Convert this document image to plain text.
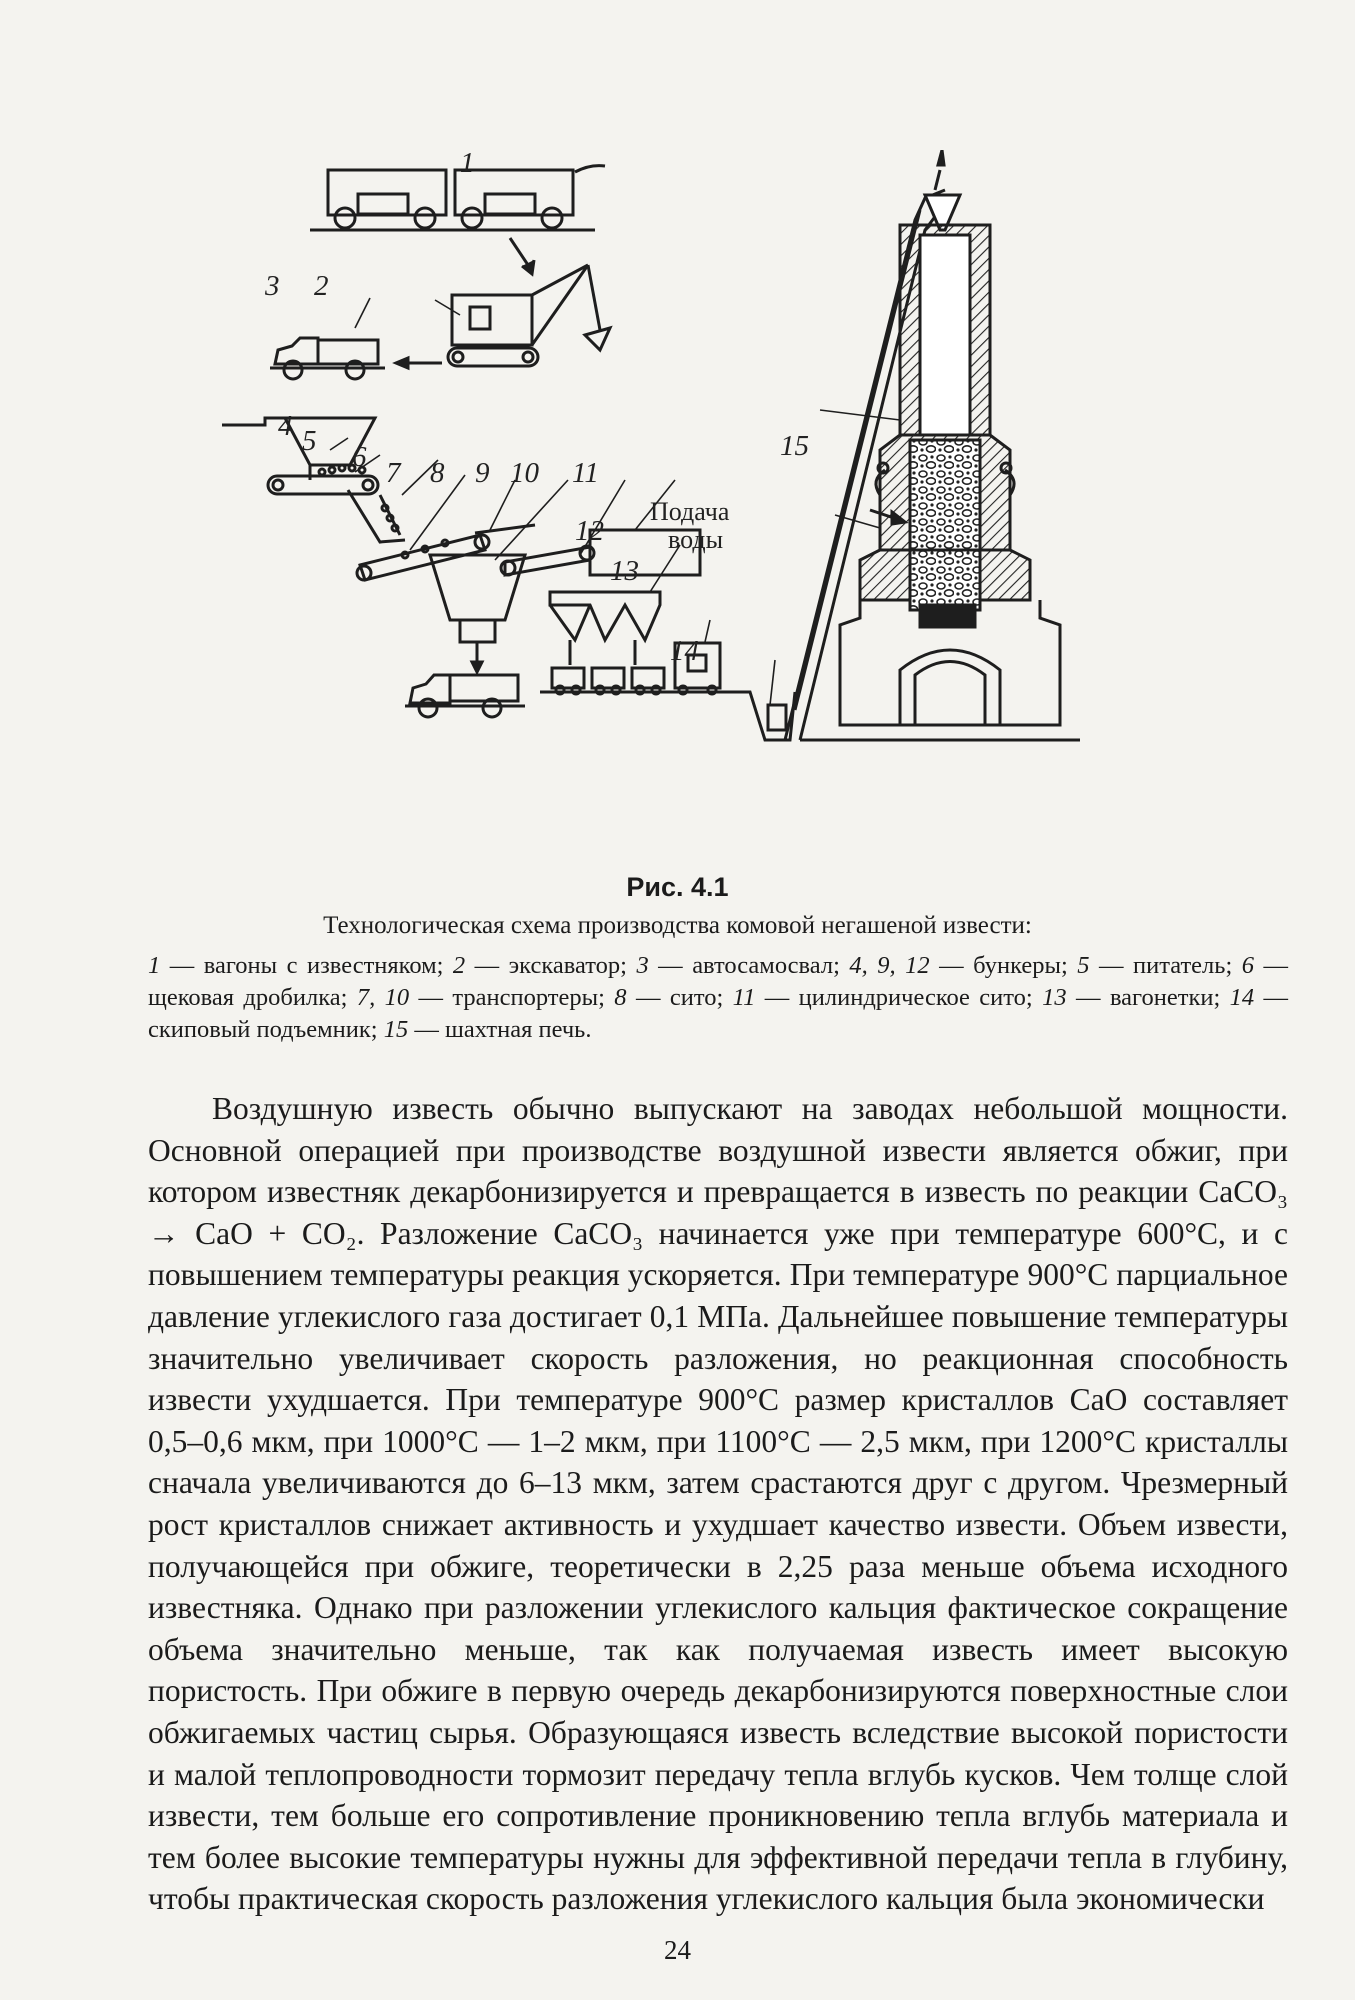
1
2
3
4 5 6 7 8 9 10 11
12
13
14
15
Подача
воды
Рис. 4.1
Технологическая схема производства комовой негашеной извести:
1 — вагоны с известняком; 2 — экскаватор; 3 — автосамосвал; 4, 9, 12 — бункеры; 5 — питатель; 6 — щековая дробилка; 7, 10 — транспортеры; 8 — сито; 11 — цилиндрическое сито; 13 — вагонетки; 14 — скиповый подъемник; 15 — шахтная печь.

Воздушную известь обычно выпускают на заводах небольшой мощности. Основной операцией при производстве воздушной извести является обжиг, при котором известняк декарбонизируется и превращается в известь по реакции СаСО₃ → СаО + СО₂. Разложение СаСО₃ начинается уже при температуре 600°С, и с повышением температуры реакция ускоряется. При температуре 900°С парциальное давление углекислого газа достигает 0,1 МПа. Дальнейшее повышение температуры значительно увеличивает скорость разложения, но реакционная способность извести ухудшается. При температуре 900°С размер кристаллов СаО составляет 0,5–0,6 мкм, при 1000°С — 1–2 мкм, при 1100°С — 2,5 мкм, при 1200°С кристаллы сначала увеличиваются до 6–13 мкм, затем срастаются друг с другом. Чрезмерный рост кристаллов снижает активность и ухудшает качество извести. Объем извести, получающейся при обжиге, теоретически в 2,25 раза меньше объема исходного известняка. Однако при разложении углекислого кальция фактическое сокращение объема значительно меньше, так как получаемая известь имеет высокую пористость. При обжиге в первую очередь декарбонизируются поверхностные слои обжигаемых частиц сырья. Образующаяся известь вследствие высокой пористости и малой теплопроводности тормозит передачу тепла вглубь кусков. Чем толще слой извести, тем больше его сопротивление проникновению тепла вглубь материала и тем более высокие температуры нужны для эффективной передачи тепла в глубину, чтобы практическая скорость разложения углекислого кальция была экономически

24
